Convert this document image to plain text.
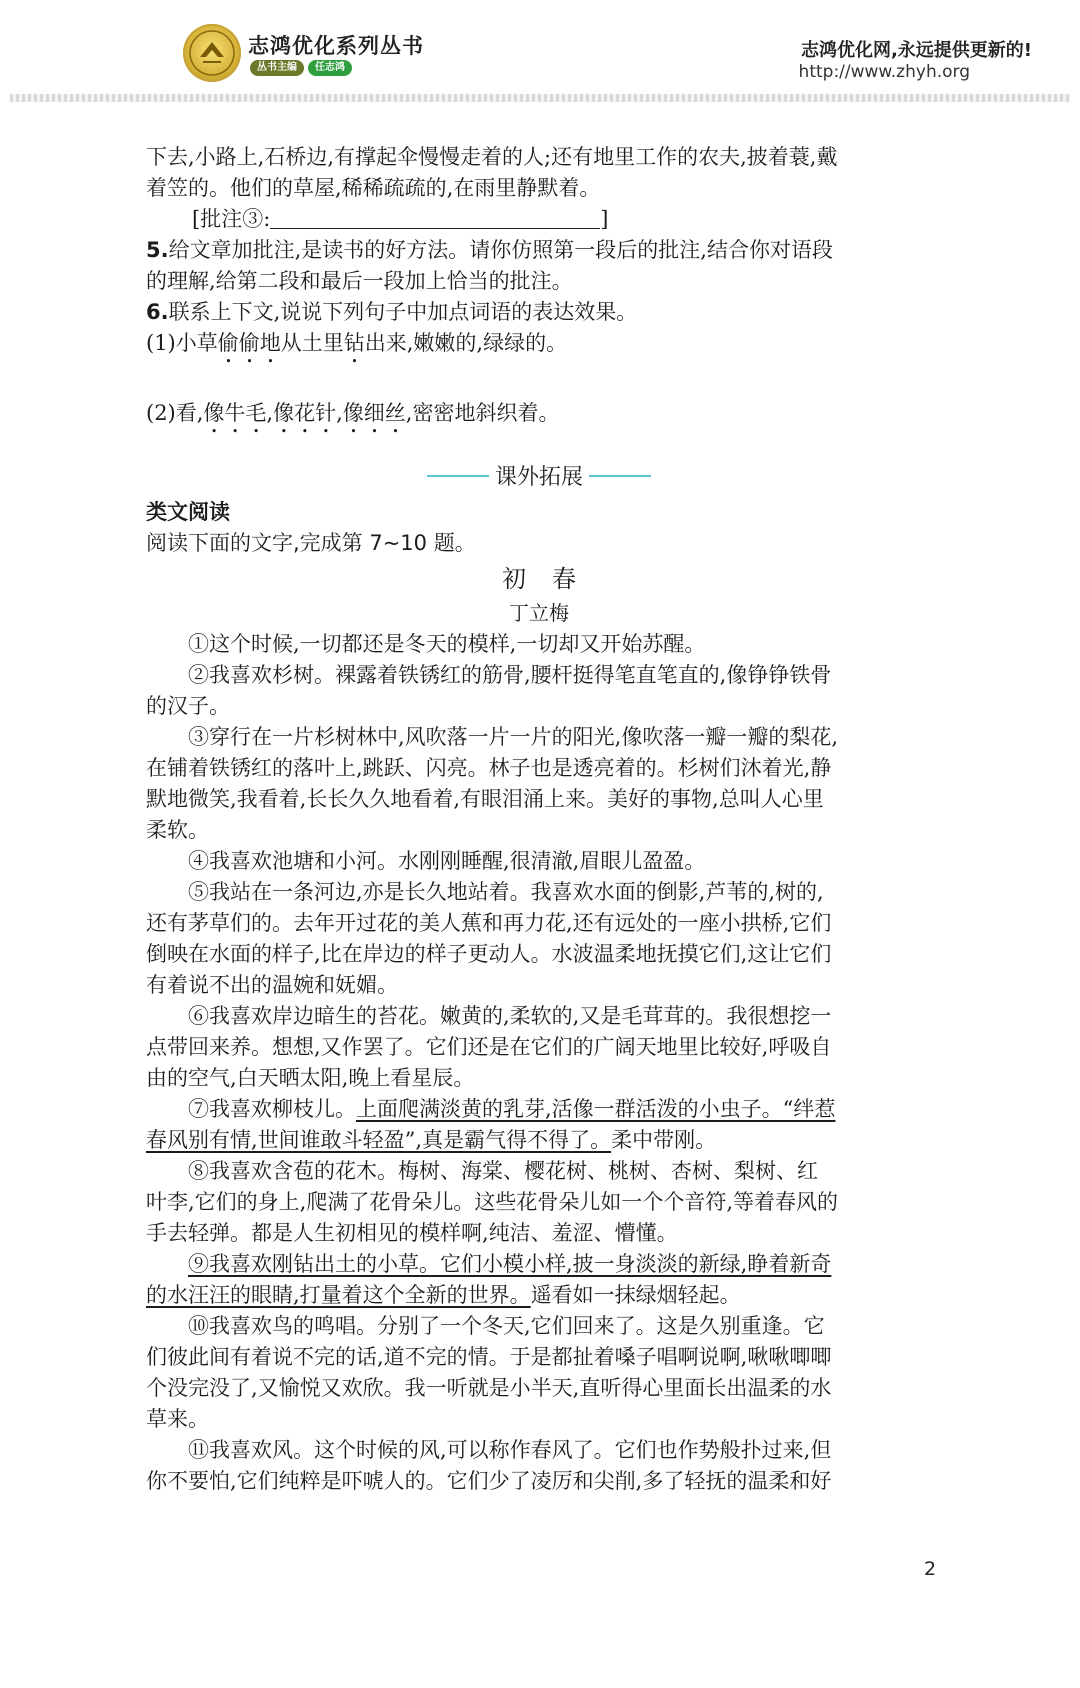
志鸿优化系列丛书
丛书主编	任志鸿
志鸿优化网,永远提供更新的!
http://www.zhyh.org

下去,小路上,石桥边,有撑起伞慢慢走着的人;还有地里工作的农夫,披着蓑,戴

着笠的。他们的草屋,稀稀疏疏的,在雨里静默着。

[批注③:	]

5.给文章加批注,是读书的好方法。请你仿照第一段后的批注,结合你对语段

的理解,给第二段和最后一段加上恰当的批注。

6.联系上下文,说说下列句子中加点词语的表达效果。

(1)小草偷偷地从土里钻出来,嫩嫩的,绿绿的。

(2)看,像牛毛,像花针,像细丝,密密地斜织着。

课外拓展

类文阅读

阅读下面的文字,完成第 7~10 题。

初春
丁立梅

①这个时候,一切都还是冬天的模样,一切却又开始苏醒。

②我喜欢杉树。裸露着铁锈红的筋骨,腰杆挺得笔直笔直的,像铮铮铁骨

的汉子。

③穿行在一片杉树林中,风吹落一片一片的阳光,像吹落一瓣一瓣的梨花,

在铺着铁锈红的落叶上,跳跃、闪亮。林子也是透亮着的。杉树们沐着光,静

默地微笑,我看着,长长久久地看着,有眼泪涌上来。美好的事物,总叫人心里

柔软。

④我喜欢池塘和小河。水刚刚睡醒,很清澈,眉眼儿盈盈。

⑤我站在一条河边,亦是长久地站着。我喜欢水面的倒影,芦苇的,树的,

还有茅草们的。去年开过花的美人蕉和再力花,还有远处的一座小拱桥,它们

倒映在水面的样子,比在岸边的样子更动人。水波温柔地抚摸它们,这让它们

有着说不出的温婉和妩媚。

⑥我喜欢岸边暗生的苔花。嫩黄的,柔软的,又是毛茸茸的。我很想挖一

点带回来养。想想,又作罢了。它们还是在它们的广阔天地里比较好,呼吸自

由的空气,白天晒太阳,晚上看星辰。

⑦我喜欢柳枝儿。上面爬满淡黄的乳芽,活像一群活泼的小虫子。“绊惹

春风别有情,世间谁敢斗轻盈”,真是霸气得不得了。柔中带刚。

⑧我喜欢含苞的花木。梅树、海棠、樱花树、桃树、杏树、梨树、红

叶李,它们的身上,爬满了花骨朵儿。这些花骨朵儿如一个个音符,等着春风的

手去轻弹。都是人生初相见的模样啊,纯洁、羞涩、懵懂。

⑨我喜欢刚钻出土的小草。它们小模小样,披一身淡淡的新绿,睁着新奇

的水汪汪的眼睛,打量着这个全新的世界。遥看如一抹绿烟轻起。

⑩我喜欢鸟的鸣唱。分别了一个冬天,它们回来了。这是久别重逢。它

们彼此间有着说不完的话,道不完的情。于是都扯着嗓子唱啊说啊,啾啾唧唧

个没完没了,又愉悦又欢欣。我一听就是小半天,直听得心里面长出温柔的水

草来。

⑪我喜欢风。这个时候的风,可以称作春风了。它们也作势般扑过来,但

你不要怕,它们纯粹是吓唬人的。它们少了凌厉和尖削,多了轻抚的温柔和好

2
